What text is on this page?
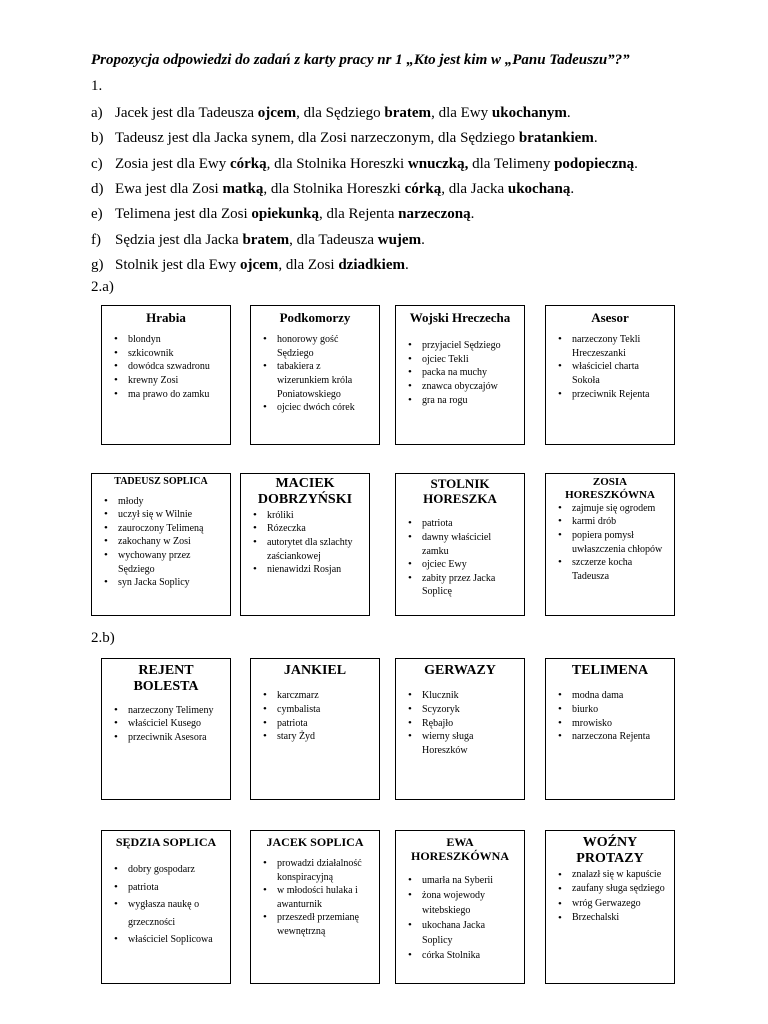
Propozycja odpowiedzi do zadań z karty pracy nr 1 „Kto jest kim w „Panu Tadeuszu”?”
1.
a) Jacek jest dla Tadeusza ojcem, dla Sędziego bratem, dla Ewy ukochanym.
b) Tadeusz jest dla Jacka synem, dla Zosi narzeczonym, dla Sędziego bratankiem.
c) Zosia jest dla Ewy córką, dla Stolnika Horeszki wnuczką, dla Telimeny podopieczną.
d) Ewa jest dla Zosi matką, dla Stolnika Horeszki córką, dla Jacka ukochaną.
e) Telimena jest dla Zosi opiekunką, dla Rejenta narzeczoną.
f) Sędzia jest dla Jacka bratem, dla Tadeusza wujem.
g) Stolnik jest dla Ewy ojcem, dla Zosi dziadkiem.
2.a)
2.b)
Hrabia
• blondyn
• szkicownik
• dowódca szwadronu
• krewny Zosi
• ma prawo do zamku
Podkomorzy
• honorowy gość Sędziego
• tabakiera z wizerunkiem króla Poniatowskiego
• ojciec dwóch córek
Wojski Hreczecha
• przyjaciel Sędziego
• ojciec Tekli
• packa na muchy
• znawca obyczajów
• gra na rogu
Asesor
• narzeczony Tekli Hreczeszanki
• właściciel charta Sokoła
• przeciwnik Rejenta
TADEUSZ SOPLICA
• młody
• uczył się w Wilnie
• zauroczony Telimeną
• zakochany w Zosi
• wychowany przez Sędziego
• syn Jacka Soplicy
MACIEK DOBRZYŃSKI
• króliki
• Rózeczka
• autorytet dla szlachty zaściankowej
• nienawidzi Rosjan
STOLNIK HORESZKA
• patriota
• dawny właściciel zamku
• ojciec Ewy
• zabity przez Jacka Soplicę
ZOSIA HORESZKÓWNA
• zajmuje się ogrodem
• karmi drób
• popiera pomysł uwłaszczenia chłopów
• szczerze kocha Tadeusza
REJENT BOLESTA
• narzeczony Telimeny
• właściciel Kusego
• przeciwnik Asesora
JANKIEL
• karczmarz
• cymbalista
• patriota
• stary Żyd
GERWAZY
• Klucznik
• Scyzoryk
• Rębajło
• wierny sługa Horeszków
TELIMENA
• modna dama
• biurko
• mrowisko
• narzeczona Rejenta
SĘDZIA SOPLICA
• dobry gospodarz
• patriota
• wygłasza naukę o grzeczności
• właściciel Soplicowa
JACEK SOPLICA
• prowadzi działalność konspiracyjną
• w młodości hulaka i awanturnik
• przeszedł przemianę wewnętrzną
EWA HORESZKÓWNA
• umarła na Syberii
• żona wojewody witebskiego
• ukochana Jacka Soplicy
• córka Stolnika
WOŹNY PROTAZY
• znalazł się w kapuście
• zaufany sługa sędziego
• wróg Gerwazego
• Brzechalski
